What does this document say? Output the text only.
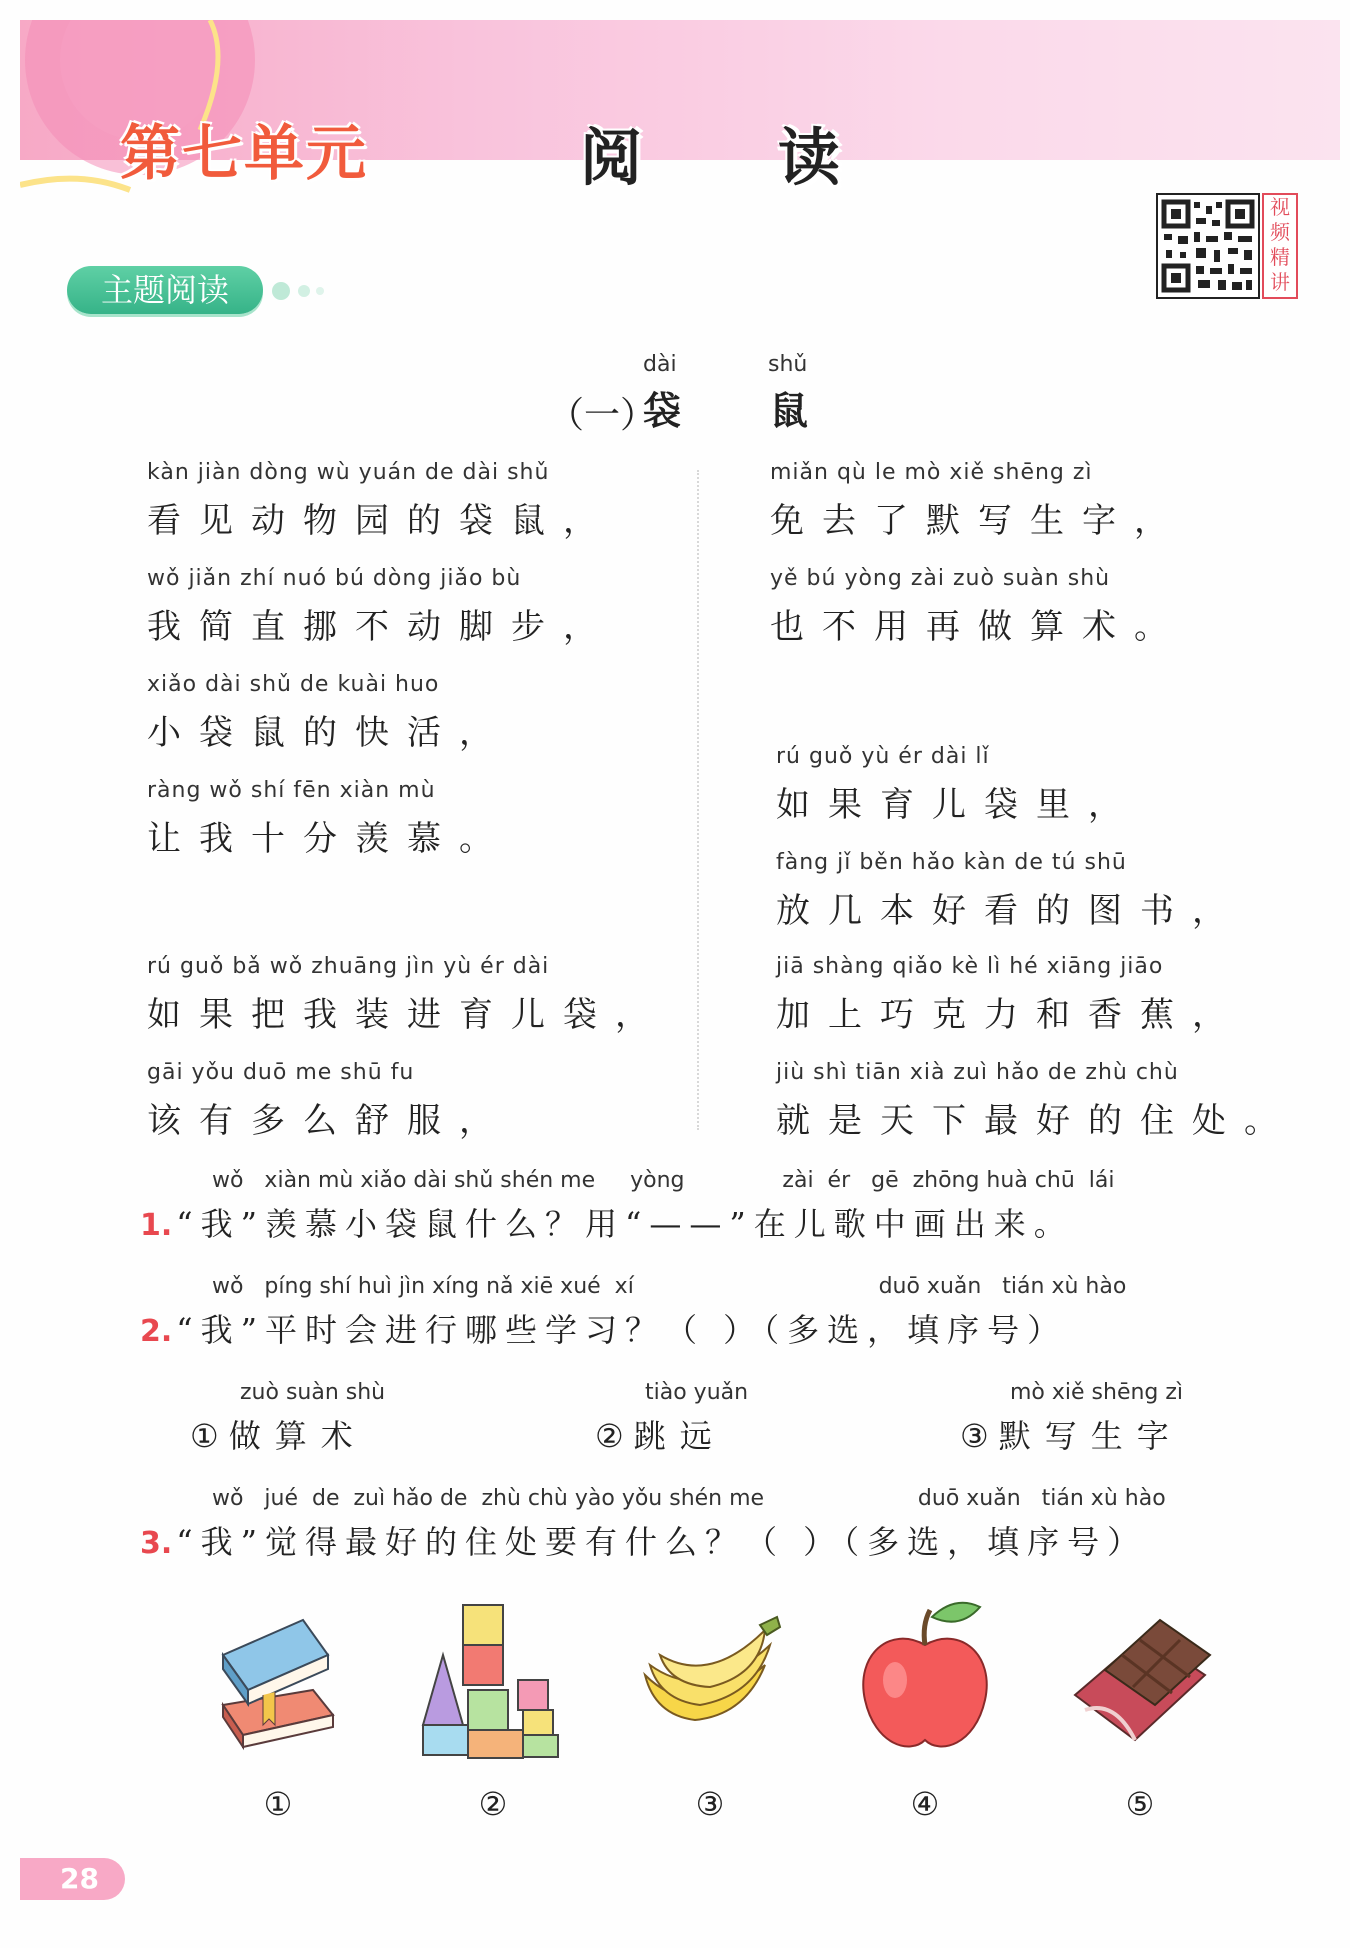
第七单元	阅 读
视
频
精
讲
主题阅读
（一）
dài
袋
shǔ
鼠
kàn jiàn dòng wù yuán de dài shǔ
看见动物园的袋鼠，
wǒ jiǎn zhí nuó bú dòng jiǎo bù
我简直挪不动脚步，
xiǎo dài shǔ de kuài huo
小袋鼠的快活，
ràng wǒ shí fēn xiàn mù
让我十分羡慕。
rú guǒ bǎ wǒ zhuāng jìn yù ér dài
如果把我装进育儿袋，
gāi yǒu duō me shū fu
该有多么舒服，
miǎn qù le mò xiě shēng zì
免去了默写生字，
yě bú yòng zài zuò suàn shù
也不用再做算术。
rú guǒ yù ér dài lǐ
如果育儿袋里，
fàng jǐ běn hǎo kàn de tú shū
放几本好看的图书，
jiā shàng qiǎo kè lì hé xiāng jiāo
加上巧克力和香蕉，
jiù shì tiān xià zuì hǎo de zhù chù
就是天下最好的住处。
wǒ   xiàn mù xiǎo dài shǔ shén me     yòng              zài  ér   gē  zhōng huà chū  lái
1. “我”羡慕小袋鼠什么？用“——”在儿歌中画出来。
wǒ   píng shí huì jìn xíng nǎ xiē xué  xí                                   duō xuǎn   tián xù hào
2. “我”平时会进行哪些学习？（ ）（多选，填序号）
zuò suàn shù
① 做算术
tiào yuǎn
② 跳远
mò xiě shēng zì
③ 默写生字
wǒ   jué  de  zuì hǎo de  zhù chù yào yǒu shén me                      duō xuǎn   tián xù hào
3. “我”觉得最好的住处要有什么？（ ）（多选，填序号）
①	②	③	④	⑤
28
